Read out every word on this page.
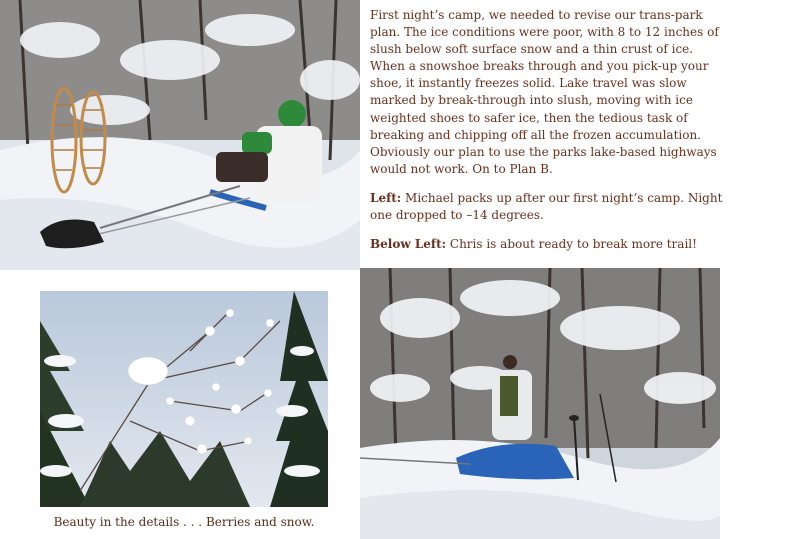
First night’s camp, we needed to revise our trans-park plan. The ice conditions were poor, with 8 to 12 inches of slush below soft surface snow and a thin crust of ice. When a snowshoe breaks through and you pick-up your shoe, it instantly freezes solid. Lake travel was slow marked by break-through into slush, moving with ice weighted shoes to safer ice, then the tedious task of breaking and chipping off all the frozen accumulation. Obviously our plan to use the parks lake-based highways would not work. On to Plan B.

Left: Michael packs up after our first night’s camp. Night one dropped to –14 degrees.

Below Left: Chris is about ready to break more trail!

Beauty in the details . . . Berries and snow.
